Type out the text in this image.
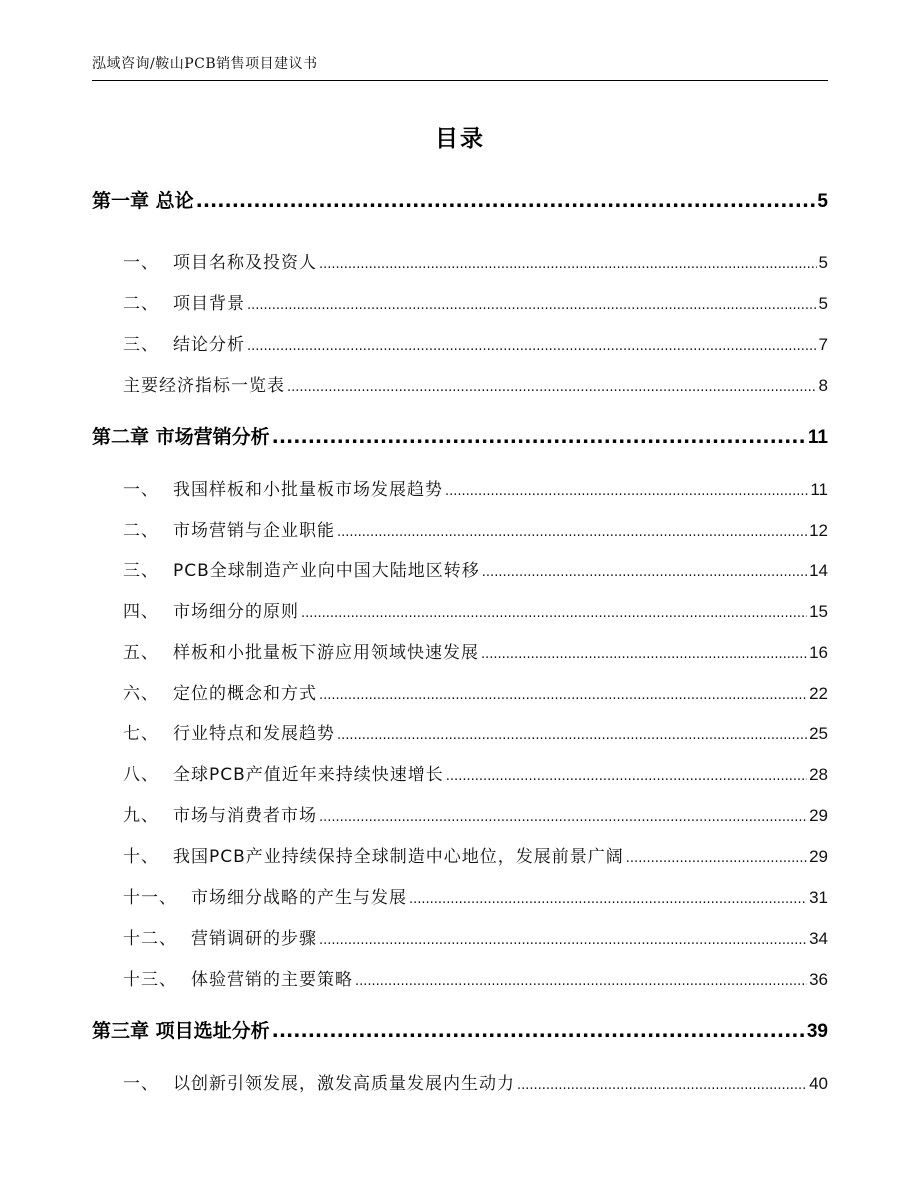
泓域咨询/鞍山PCB销售项目建议书
目录
第一章 总论 .....	5
一、 项目名称及投资人 .....	5
二、 项目背景 .....	5
三、 结论分析 .....	7
主要经济指标一览表 .....	8
第二章 市场营销分析 .....	11
一、 我国样板和小批量板市场发展趋势 .....	11
二、 市场营销与企业职能 .....	12
三、 PCB全球制造产业向中国大陆地区转移 .....	14
四、 市场细分的原则 .....	15
五、 样板和小批量板下游应用领域快速发展 .....	16
六、 定位的概念和方式 .....	22
七、 行业特点和发展趋势 .....	25
八、 全球PCB产值近年来持续快速增长 .....	28
九、 市场与消费者市场 .....	29
十、 我国PCB产业持续保持全球制造中心地位，发展前景广阔 .....	29
十一、 市场细分战略的产生与发展 .....	31
十二、 营销调研的步骤 .....	34
十三、 体验营销的主要策略 .....	36
第三章 项目选址分析 .....	39
一、 以创新引领发展，激发高质量发展内生动力 .....	40
